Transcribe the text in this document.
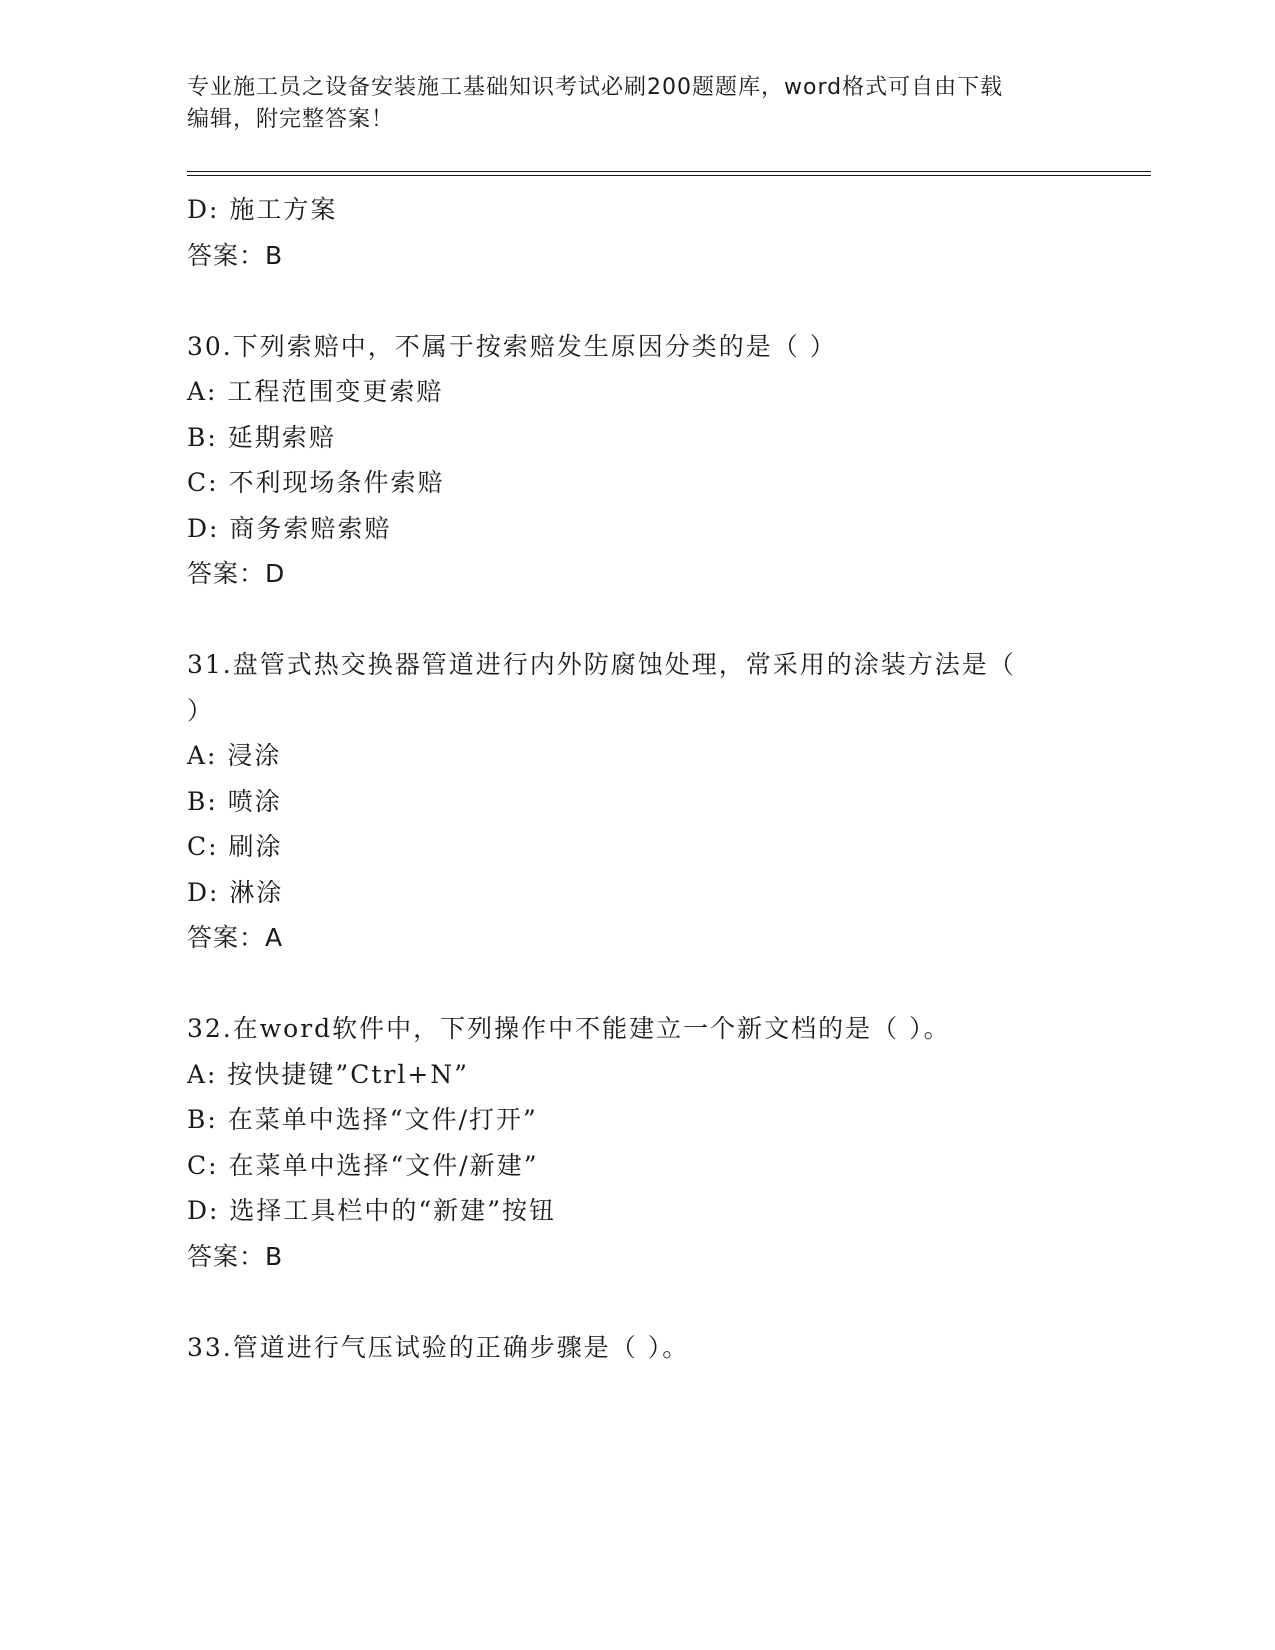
专业施工员之设备安装施工基础知识考试必刷200题题库，word格式可自由下载
编辑，附完整答案！
D: 施工方案
答案：B
30.下列索赔中，不属于按索赔发生原因分类的是（ ）
A: 工程范围变更索赔
B: 延期索赔
C: 不利现场条件索赔
D: 商务索赔索赔
答案：D
31.盘管式热交换器管道进行内外防腐蚀处理，常采用的涂装方法是（
）
A: 浸涂
B: 喷涂
C: 刷涂
D: 淋涂
答案：A
32.在word软件中，下列操作中不能建立一个新文档的是（ ）。
A: 按快捷键”Ctrl+N”
B: 在菜单中选择“文件/打开”
C: 在菜单中选择“文件/新建”
D: 选择工具栏中的“新建”按钮
答案：B
33.管道进行气压试验的正确步骤是（ ）。
